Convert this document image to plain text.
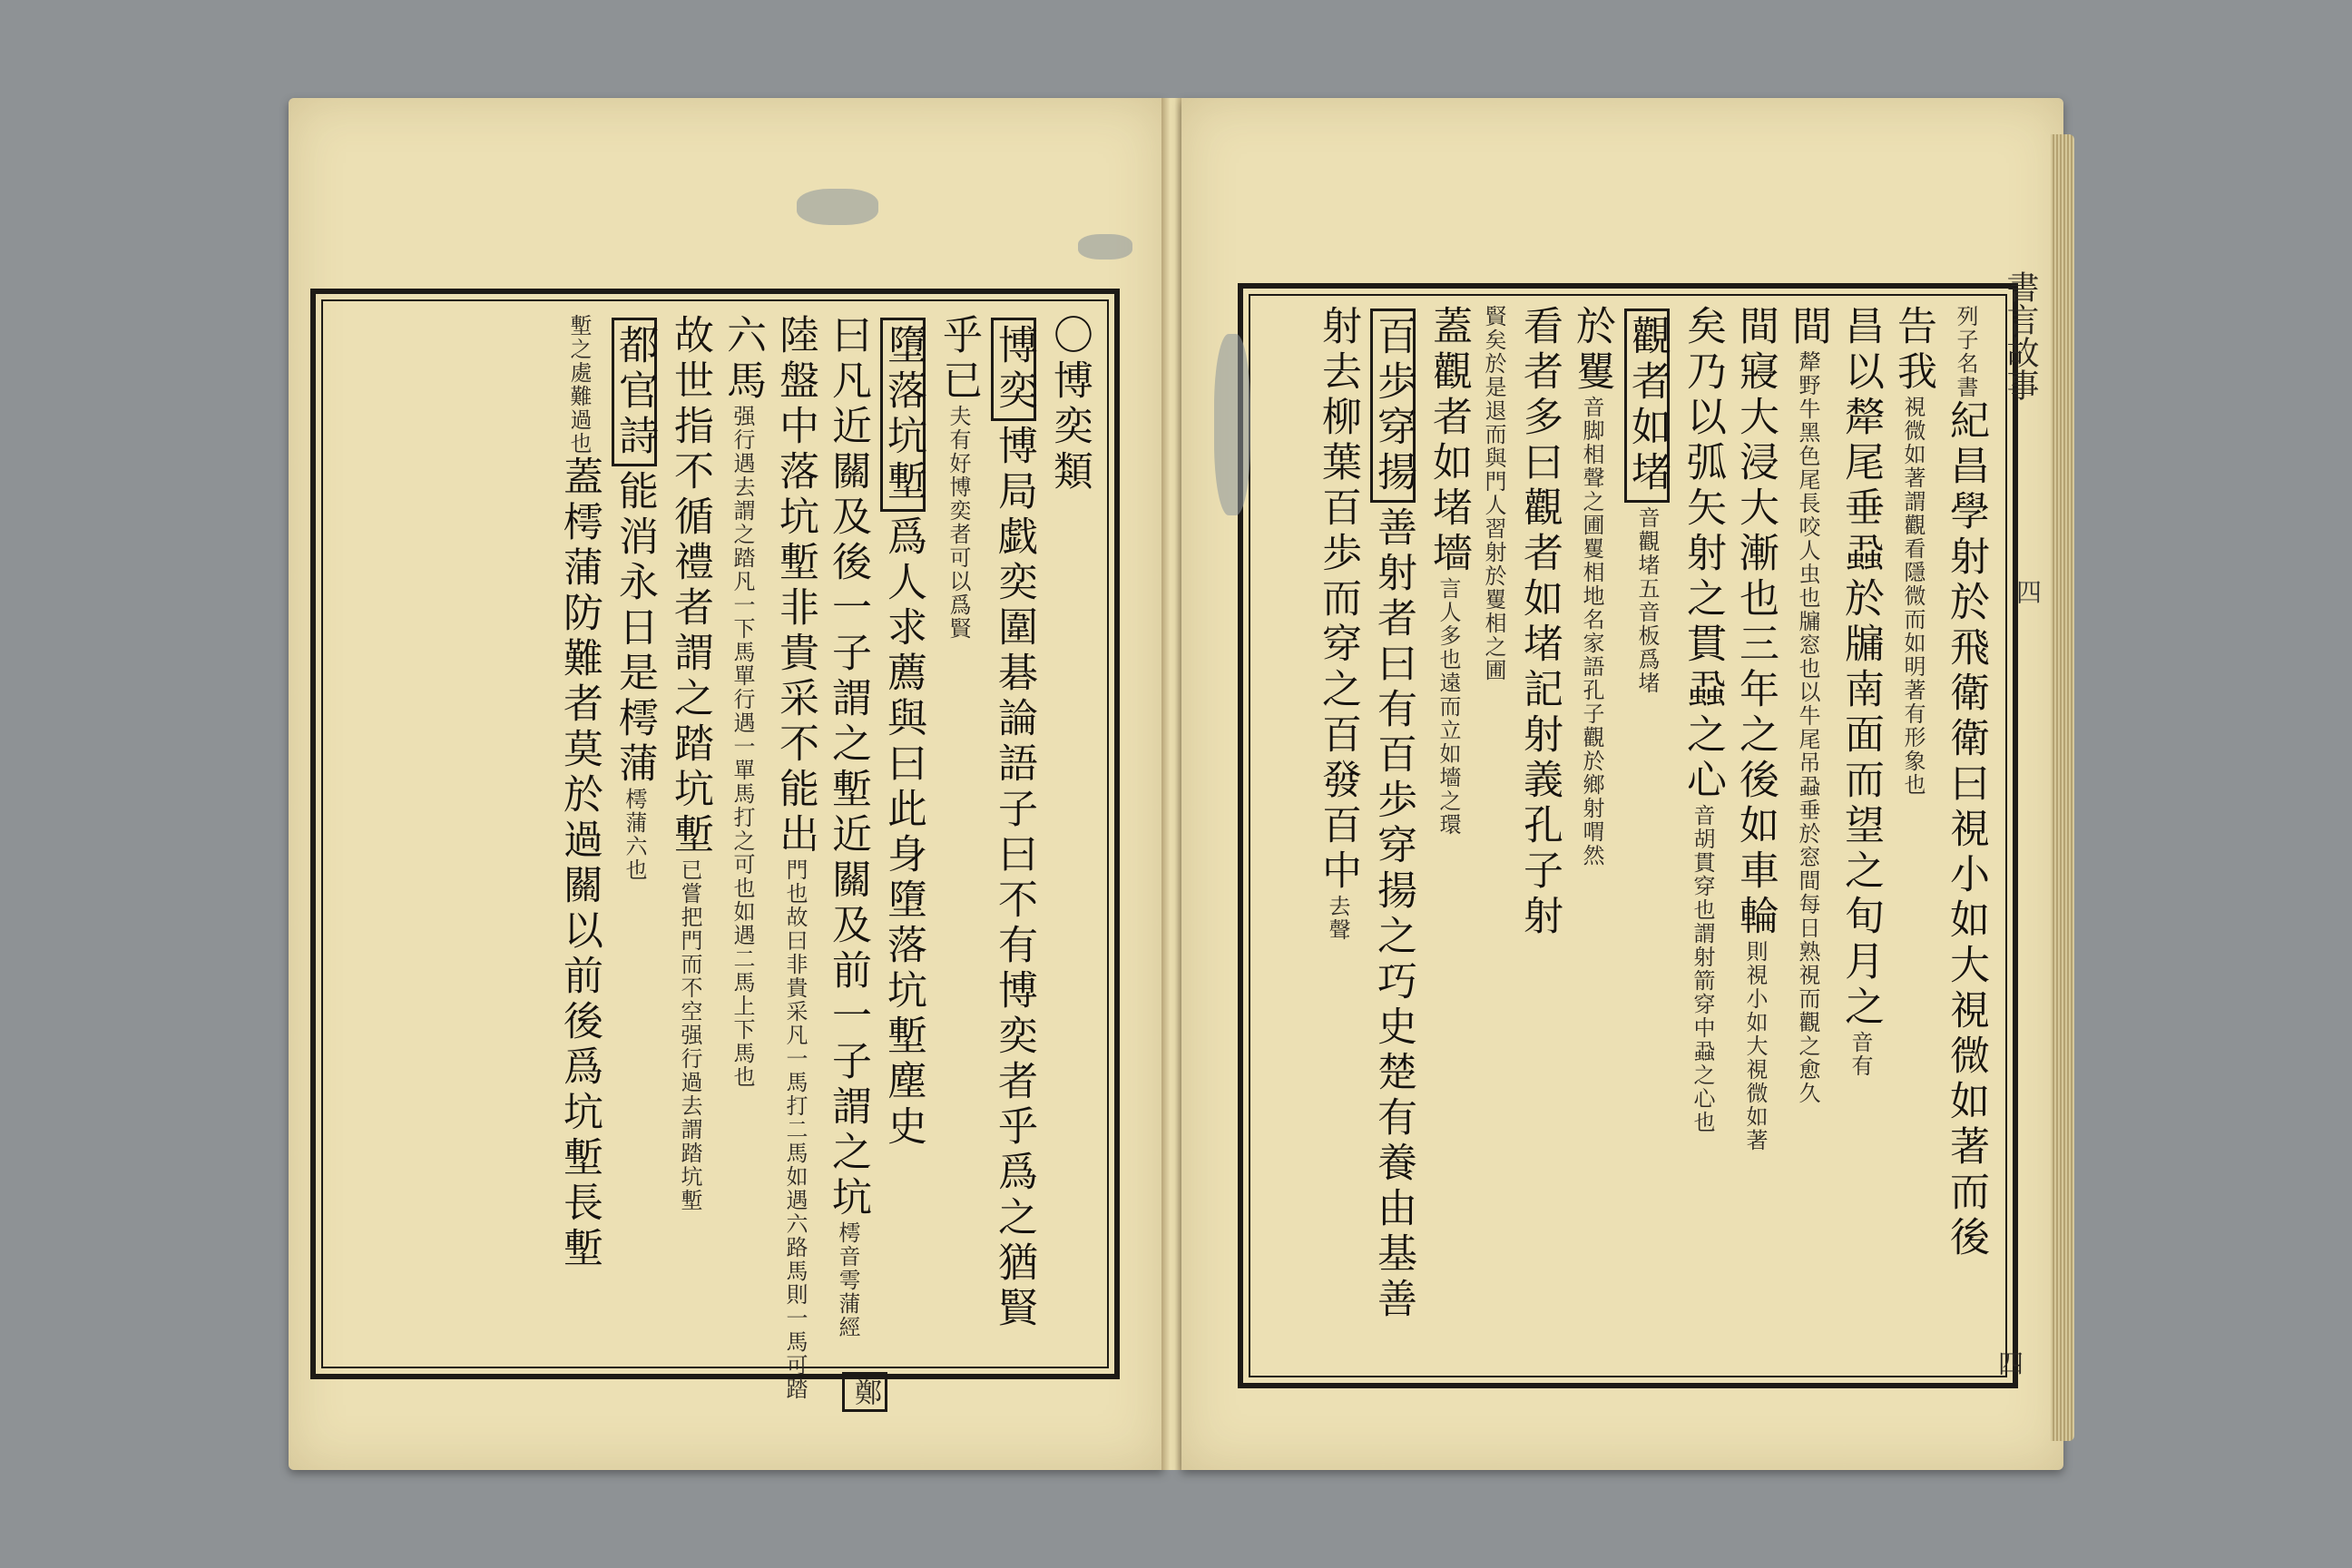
〇博奕類
博奕博局戯奕圍碁論語子曰不有博奕者乎爲之猶賢
乎已夫有好博奕者可以爲賢
墮落坑塹爲人求薦與曰此身墮落坑塹塵史
曰凡近關及後一子謂之塹近關及前一子謂之坑樗音雩蒲經
陸盤中落坑塹非貴采不能出門也故曰非貴采凡一馬打二馬如遇六路馬則一馬可踏
六馬强行遇去謂之踏凡一下馬單行遇一單馬打之可也如遇二馬上下馬也
故世指不循禮者謂之踏坑塹已嘗把門而不空强行過去謂踏坑塹
都官詩能消永日是樗蒲樗蒲六也
塹之處難過也蓋樗蒲防難者莫於過關以前後爲坑塹長塹
鄭
書言故事
四
列子名書紀昌學射於飛衛衛曰視小如大視微如著而後
告我視微如著謂觀看隱微而如明著有形象也
昌以犛尾垂蝨於牖南面而望之旬月之音有
間犛野牛黑色尾長咬人虫也牖窓也以牛尾吊蝨垂於窓間每日熟視而觀之愈久
間寢大浸大漸也三年之後如車輪則視小如大視微如著
矣乃以弧矢射之貫蝨之心音胡貫穿也謂射箭穿中蝨之心也
觀者如堵音觀堵五音板爲堵
於矍音脚相聲之圃矍相地名家語孔子觀於鄉射喟然
看者多曰觀者如堵記射義孔子射
賢矣於是退而與門人習射於矍相之圃
蓋觀者如堵墻言人多也遠而立如墻之環
百歩穿揚善射者曰有百歩穿揚之巧史楚有養由基善
射去柳葉百歩而穿之百發百中去聲
四
